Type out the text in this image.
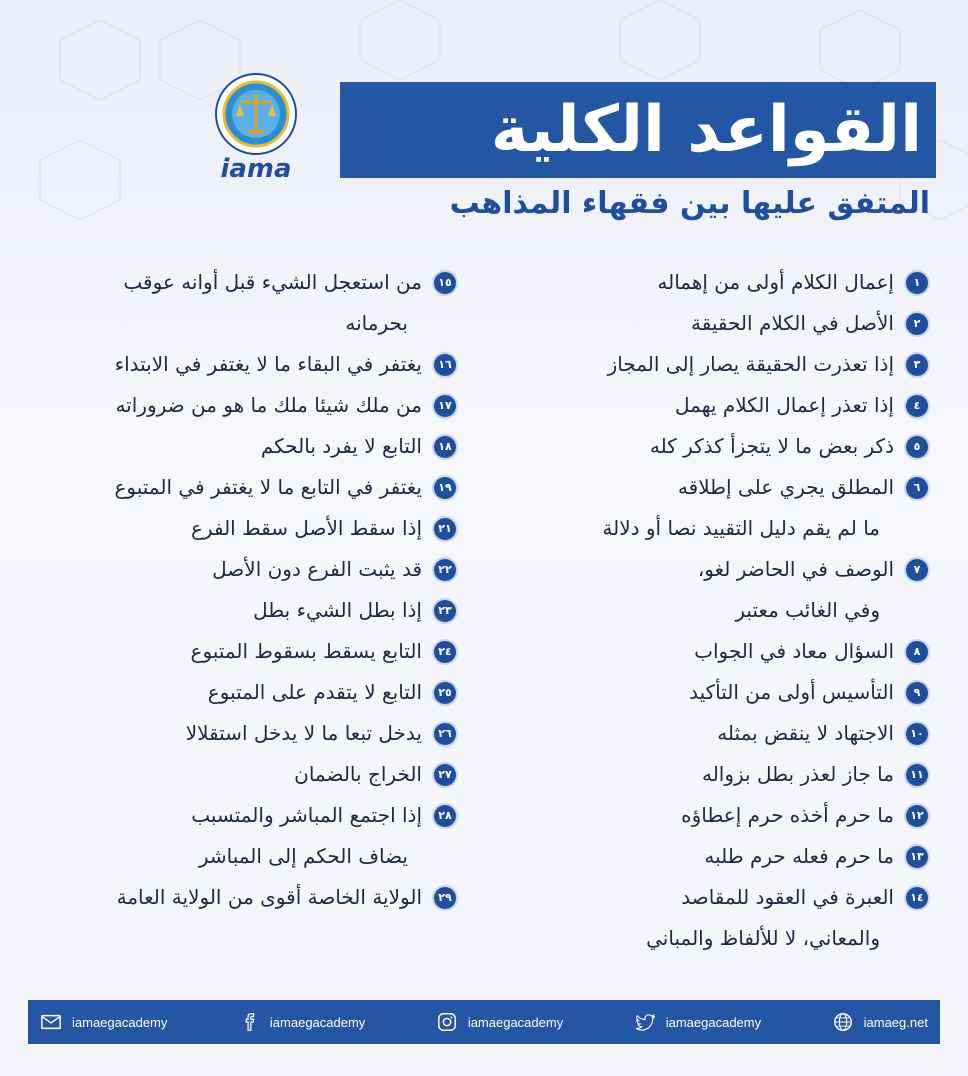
iama
القواعد الكلية
المتفق عليها بين فقهاء المذاهب
١
إعمال الكلام أولى من إهماله
٢
الأصل في الكلام الحقيقة
٣
إذا تعذرت الحقيقة يصار إلى المجاز
٤
إذا تعذر إعمال الكلام يهمل
٥
ذكر بعض ما لا يتجزأ كذكر كله
٦
المطلق يجري على إطلاقه
ما لم يقم دليل التقييد نصا أو دلالة
٧
الوصف في الحاضر لغو،
وفي الغائب معتبر
٨
السؤال معاد في الجواب
٩
التأسيس أولى من التأكيد
١٠
الاجتهاد لا ينقض بمثله
١١
ما جاز لعذر بطل بزواله
١٢
ما حرم أخذه حرم إعطاؤه
١٣
ما حرم فعله حرم طلبه
١٤
العبرة في العقود للمقاصد
والمعاني، لا للألفاظ والمباني
١٥
من استعجل الشيء قبل أوانه عوقب
بحرمانه
١٦
يغتفر في البقاء ما لا يغتفر في الابتداء
١٧
من ملك شيئا ملك ما هو من ضروراته
١٨
التابع لا يفرد بالحكم
١٩
يغتفر في التابع ما لا يغتفر في المتبوع
٢١
إذا سقط الأصل سقط الفرع
٢٢
قد يثبت الفرع دون الأصل
٢٣
إذا بطل الشيء بطل
٢٤
التابع يسقط بسقوط المتبوع
٢٥
التابع لا يتقدم على المتبوع
٢٦
يدخل تبعا ما لا يدخل استقلالا
٢٧
الخراج بالضمان
٢٨
إذا اجتمع المباشر والمتسبب
يضاف الحكم إلى المباشر
٢٩
الولاية الخاصة أقوى من الولاية العامة
iamaegacademy	iamaegacademy	iamaegacademy	iamaegacademy	iamaeg.net
